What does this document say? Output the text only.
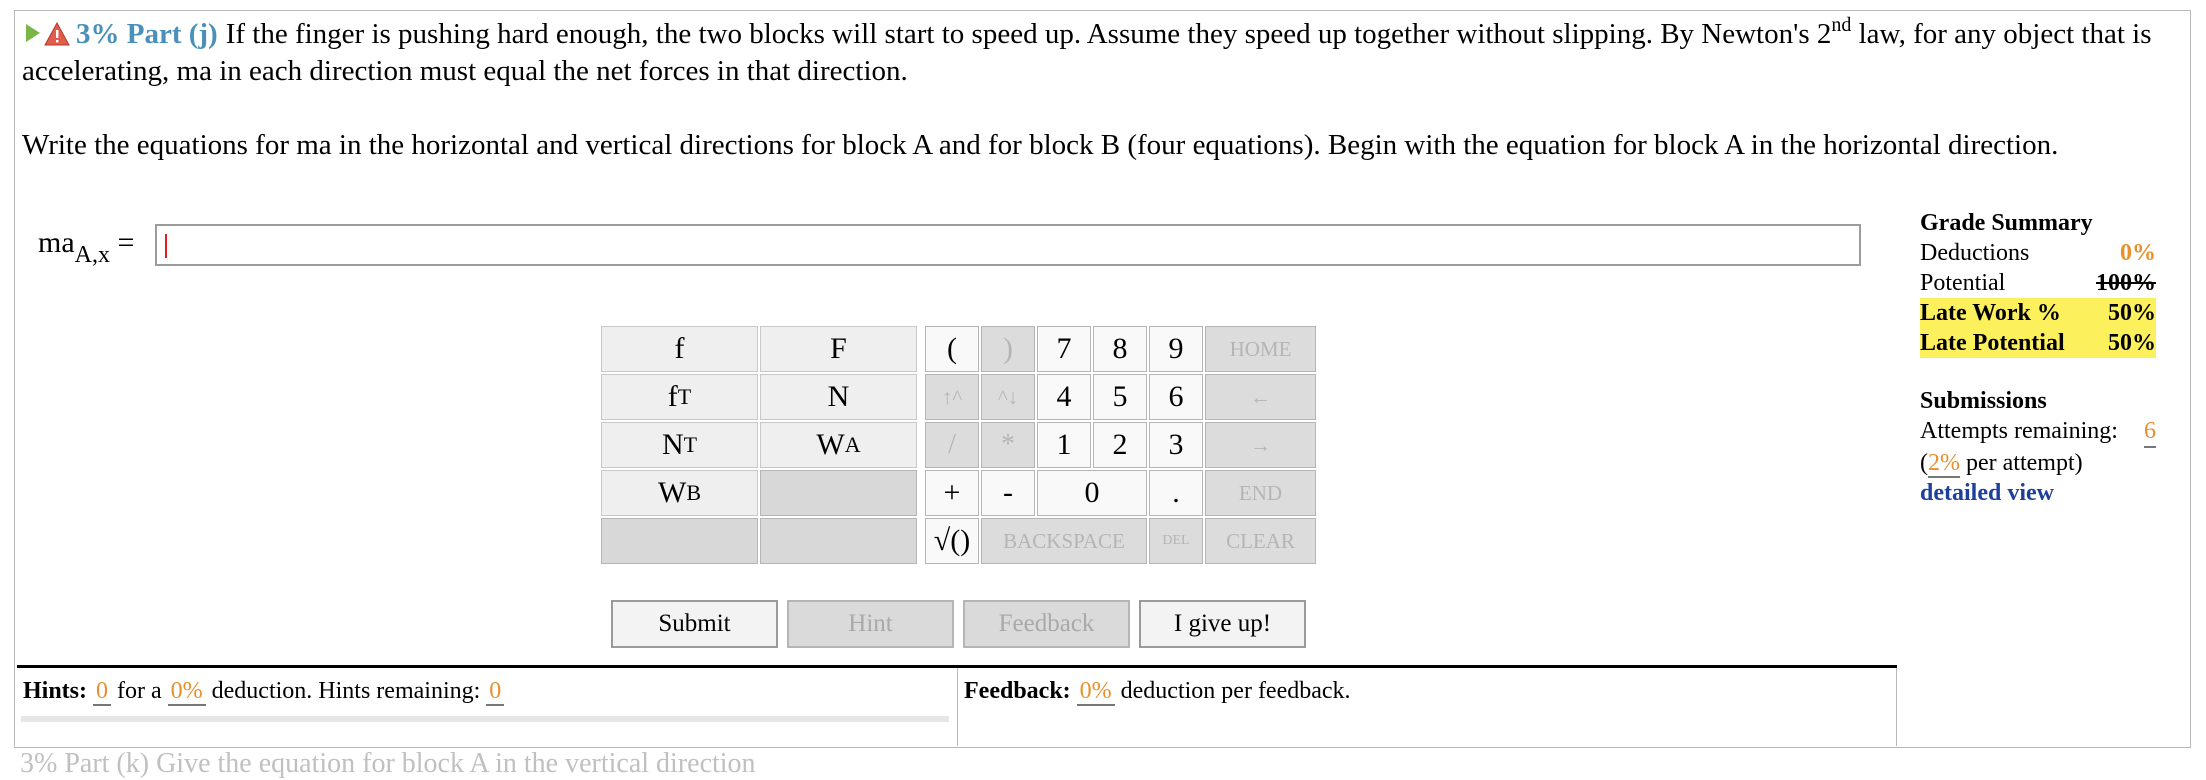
3% Part (j) If the finger is pushing hard enough, the two blocks will start to speed up. Assume they speed up together without slipping. By Newton's 2nd law, for any object that is accelerating, ma in each direction must equal the net forces in that direction.
Write the equations for ma in the horizontal and vertical directions for block A and for block B (four equations). Begin with the equation for block A in the horizontal direction.
$ma_{A,x}$ =
f	F
f T	N
N T	W A
W B
(	)
↑^	^↓
/	*
+	-
√()
7	8	9
4	5	6
1	2	3
0	.
BACKSPACE	DEL
HOME
←
→
END
CLEAR
Submit	Hint	Feedback	I give up!
Grade Summary
Deductions	0%
Potential	100%
Late Work % 50%
Late Potential 50%
Submissions
Attempts remaining: 6
(2% per attempt)
detailed view
Hints: 0 for a 0% deduction. Hints remaining: 0	Feedback: 0% deduction per feedback.
3% Part (k) Give the equation for block A in the vertical direction
